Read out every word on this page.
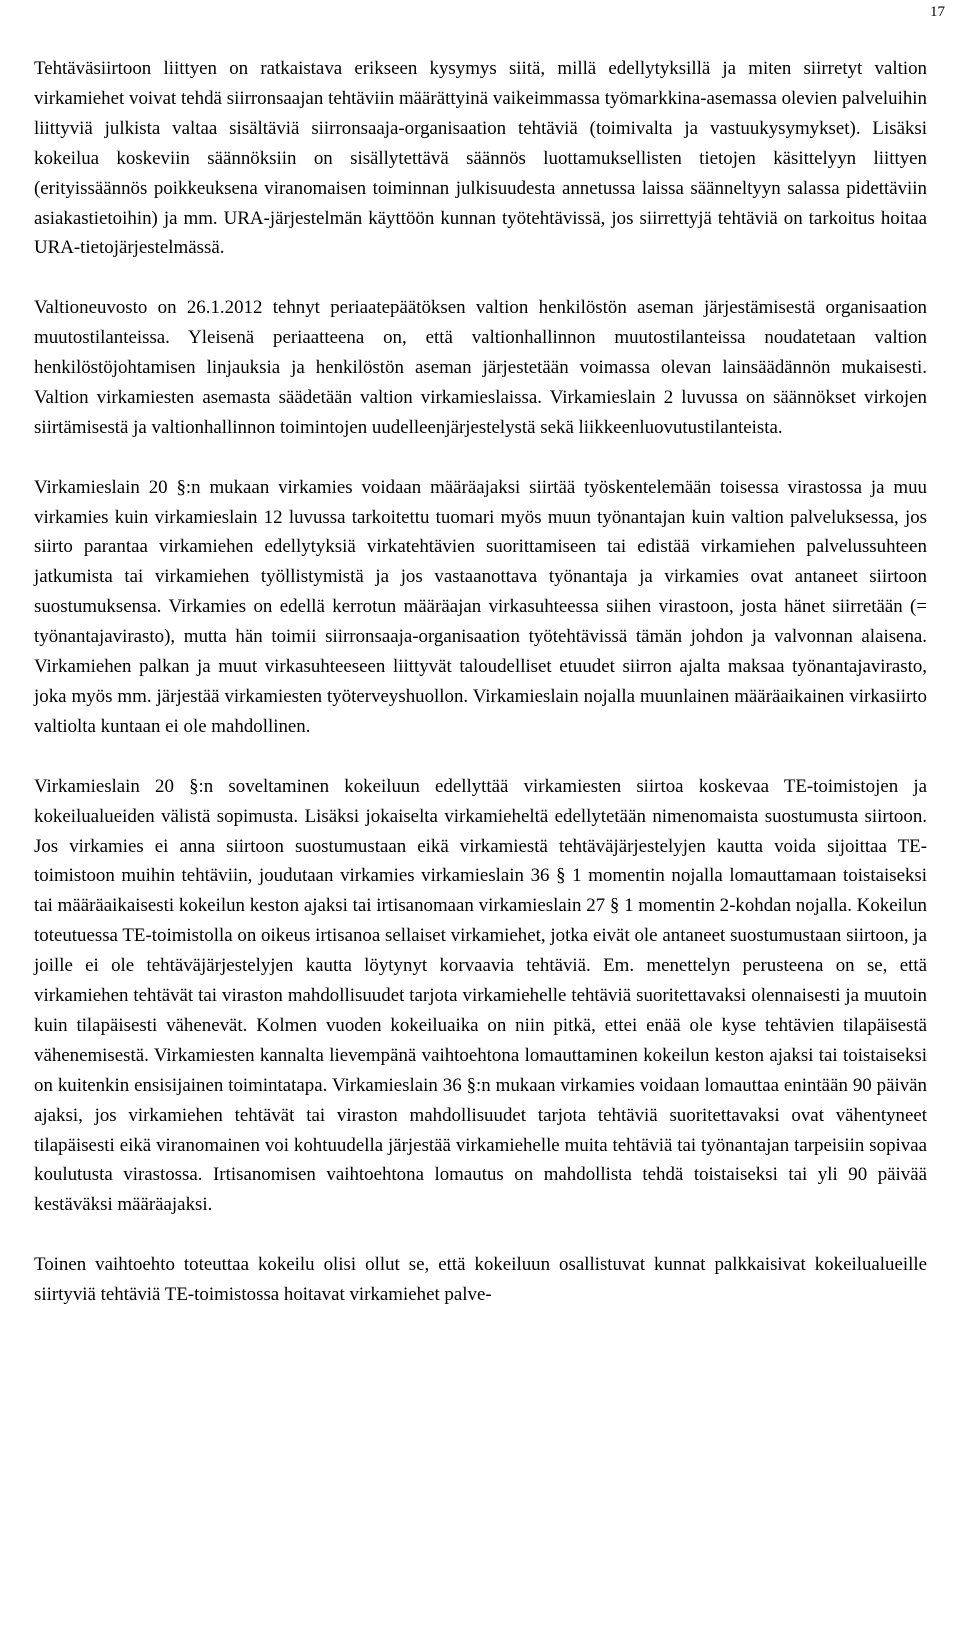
17

Tehtäväsiirtoon liittyen on ratkaistava erikseen kysymys siitä, millä edellytyksillä ja miten siirretyt valtion virkamiehet voivat tehdä siirronsaajan tehtäviin määrättyinä vaikeimmassa työmarkkina-asemassa olevien palveluihin liittyviä julkista valtaa sisältäviä siirronsaaja-organisaation tehtäviä (toimivalta ja vastuukysymykset). Lisäksi kokeilua koskeviin säännöksiin on sisällytettävä säännös luottamuksellisten tietojen käsittelyyn liittyen (erityissäännös poikkeuksena viranomaisen toiminnan julkisuudesta annetussa laissa säänneltyyn salassa pidettäviin asiakastietoihin) ja mm. URA-järjestelmän käyttöön kunnan työtehtävissä, jos siirrettyjä tehtäviä on tarkoitus hoitaa URA-tietojärjestelmässä.

Valtioneuvosto on 26.1.2012 tehnyt periaatepäätöksen valtion henkilöstön aseman järjestämisestä organisaation muutostilanteissa. Yleisenä periaatteena on, että valtionhallinnon muutostilanteissa noudatetaan valtion henkilöstöjohtamisen linjauksia ja henkilöstön aseman järjestetään voimassa olevan lainsäädännön mukaisesti. Valtion virkamiesten asemasta säädetään valtion virkamieslaissa. Virkamieslain 2 luvussa on säännökset virkojen siirtämisestä ja valtionhallinnon toimintojen uudelleenjärjestelystä sekä liikkeenluovutustilanteista.

Virkamieslain 20 §:n mukaan virkamies voidaan määräajaksi siirtää työskentelemään toisessa virastossa ja muu virkamies kuin virkamieslain 12 luvussa tarkoitettu tuomari myös muun työnantajan kuin valtion palveluksessa, jos siirto parantaa virkamiehen edellytyksiä virkatehtävien suorittamiseen tai edistää virkamiehen palvelussuhteen jatkumista tai virkamiehen työllistymistä ja jos vastaanottava työnantaja ja virkamies ovat antaneet siirtoon suostumuksensa. Virkamies on edellä kerrotun määräajan virkasuhteessa siihen virastoon, josta hänet siirretään (= työnantajavirasto), mutta hän toimii siirronsaaja-organisaation työtehtävissä tämän johdon ja valvonnan alaisena. Virkamiehen palkan ja muut virkasuhteeseen liittyvät taloudelliset etuudet siirron ajalta maksaa työnantajavirasto, joka myös mm. järjestää virkamiesten työterveyshuollon. Virkamieslain nojalla muunlainen määräaikainen virkasiirto valtiolta kuntaan ei ole mahdollinen.

Virkamieslain 20 §:n soveltaminen kokeiluun edellyttää virkamiesten siirtoa koskevaa TE-toimistojen ja kokeilualueiden välistä sopimusta. Lisäksi jokaiselta virkamieheltä edellytetään nimenomaista suostumusta siirtoon. Jos virkamies ei anna siirtoon suostumustaan eikä virkamiestä tehtäväjärjestelyjen kautta voida sijoittaa TE-toimistoon muihin tehtäviin, joudutaan virkamies virkamieslain 36 § 1 momentin nojalla lomauttamaan toistaiseksi tai määräaikaisesti kokeilun keston ajaksi tai irtisanomaan virkamieslain 27 § 1 momentin 2-kohdan nojalla. Kokeilun toteutuessa TE-toimistolla on oikeus irtisanoa sellaiset virkamiehet, jotka eivät ole antaneet suostumustaan siirtoon, ja joille ei ole tehtäväjärjestelyjen kautta löytynyt korvaavia tehtäviä. Em. menettelyn perusteena on se, että virkamiehen tehtävät tai viraston mahdollisuudet tarjota virkamiehelle tehtäviä suoritettavaksi olennaisesti ja muutoin kuin tilapäisesti vähenevät. Kolmen vuoden kokeiluaika on niin pitkä, ettei enää ole kyse tehtävien tilapäisestä vähenemisestä. Virkamiesten kannalta lievempänä vaihtoehtona lomauttaminen kokeilun keston ajaksi tai toistaiseksi on kuitenkin ensisijainen toimintatapa. Virkamieslain 36 §:n mukaan virkamies voidaan lomauttaa enintään 90 päivän ajaksi, jos virkamiehen tehtävät tai viraston mahdollisuudet tarjota tehtäviä suoritettavaksi ovat vähentyneet tilapäisesti eikä viranomainen voi kohtuudella järjestää virkamiehelle muita tehtäviä tai työnantajan tarpeisiin sopivaa koulutusta virastossa. Irtisanomisen vaihtoehtona lomautus on mahdollista tehdä toistaiseksi tai yli 90 päivää kestäväksi määräajaksi.

Toinen vaihtoehto toteuttaa kokeilu olisi ollut se, että kokeiluun osallistuvat kunnat palkkaisivat kokeilualueille siirtyviä tehtäviä TE-toimistossa hoitavat virkamiehet palve-
